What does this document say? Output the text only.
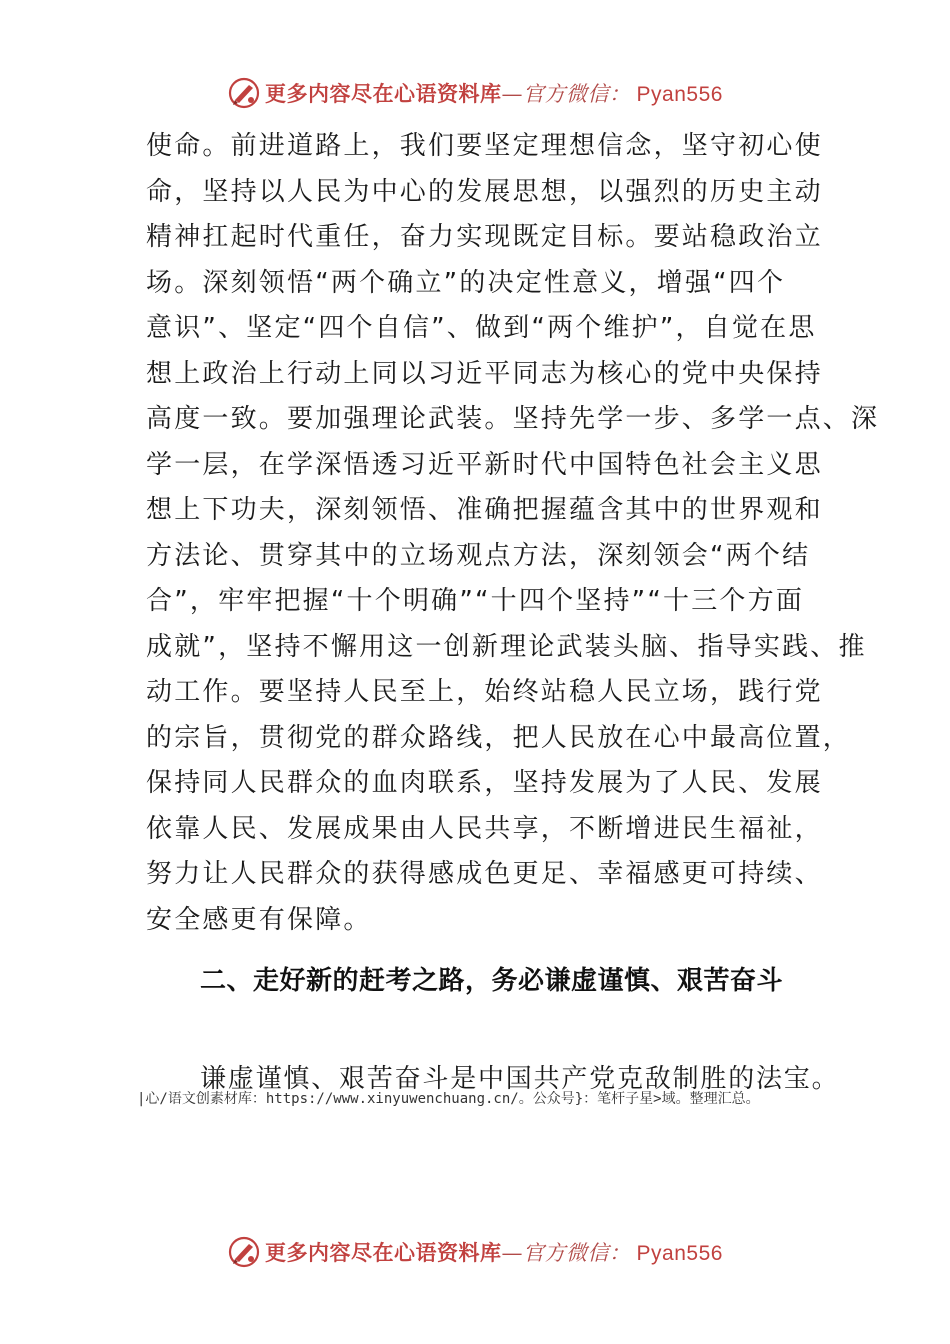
更多内容尽在心语资料库—官方微信： Pyan556
使命。前进道路上，我们要坚定理想信念，坚守初心使
命，坚持以人民为中心的发展思想，以强烈的历史主动
精神扛起时代重任，奋力实现既定目标。要站稳政治立
场。深刻领悟“两个确立”的决定性意义，增强“四个
意识”、坚定“四个自信”、做到“两个维护”，自觉在思
想上政治上行动上同以习近平同志为核心的党中央保持
高度一致。要加强理论武装。坚持先学一步、多学一点、深
学一层，在学深悟透习近平新时代中国特色社会主义思
想上下功夫，深刻领悟、准确把握蕴含其中的世界观和
方法论、贯穿其中的立场观点方法，深刻领会“两个结
合”，牢牢把握“十个明确”“十四个坚持”“十三个方面
成就”，坚持不懈用这一创新理论武装头脑、指导实践、推
动工作。要坚持人民至上，始终站稳人民立场，践行党
的宗旨，贯彻党的群众路线，把人民放在心中最高位置，
保持同人民群众的血肉联系，坚持发展为了人民、发展
依靠人民、发展成果由人民共享，不断增进民生福祉，
努力让人民群众的获得感成色更足、幸福感更可持续、
安全感更有保障。
二、走好新的赶考之路，务必谦虚谨慎、艰苦奋斗
谦虚谨慎、艰苦奋斗是中国共产党克敌制胜的法宝。
|心/语文创素材库：https://www.xinyuwenchuang.cn/。公众号}：笔杆子星>域。整理汇总。
更多内容尽在心语资料库—官方微信： Pyan556
